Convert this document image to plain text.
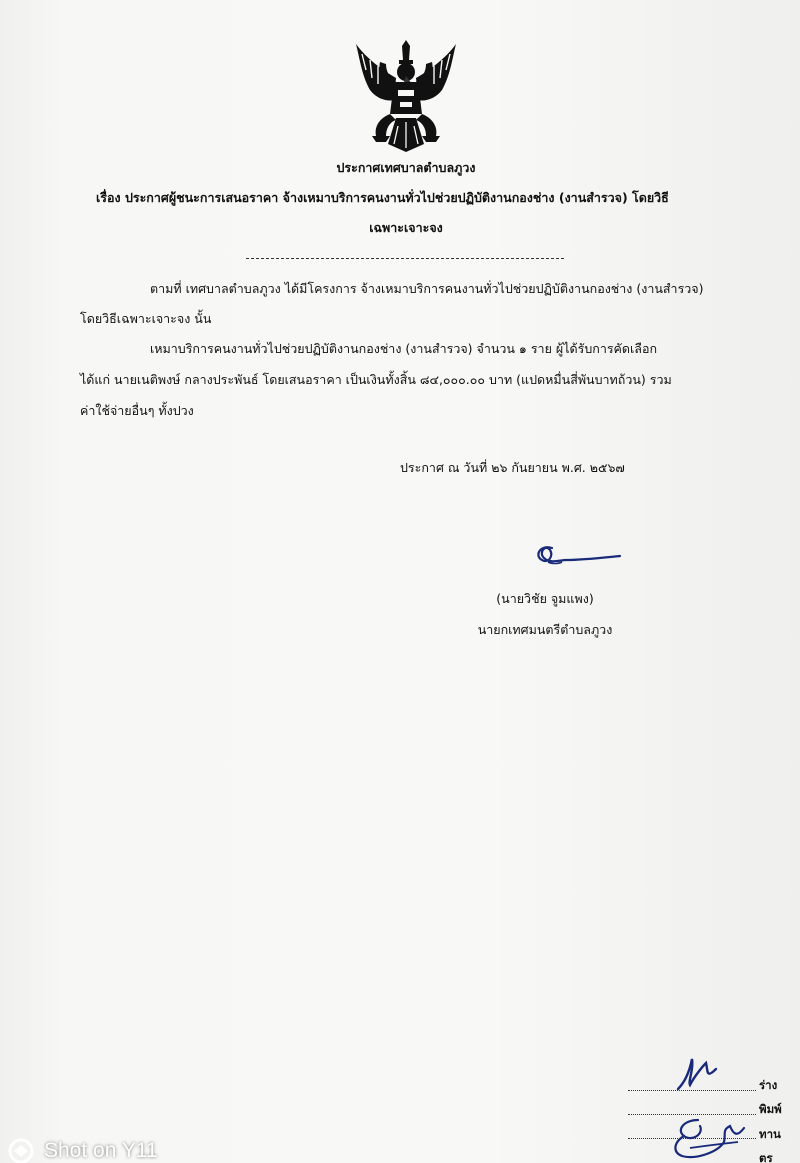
ประกาศเทศบาลตำบลภูวง
เรื่อง ประกาศผู้ชนะการเสนอราคา จ้างเหมาบริการคนงานทั่วไปช่วยปฏิบัติงานกองช่าง (งานสำรวจ) โดยวิธี
เฉพาะเจาะจง
ตามที่ เทศบาลตำบลภูวง ได้มีโครงการ จ้างเหมาบริการคนงานทั่วไปช่วยปฏิบัติงานกองช่าง (งานสำรวจ)
โดยวิธีเฉพาะเจาะจง นั้น
เหมาบริการคนงานทั่วไปช่วยปฏิบัติงานกองช่าง (งานสำรวจ) จำนวน ๑ ราย ผู้ได้รับการคัดเลือก
ได้แก่ นายเนติพงษ์ กลางประพันธ์ โดยเสนอราคา เป็นเงินทั้งสิ้น ๘๔,๐๐๐.๐๐ บาท (แปดหมื่นสี่พันบาทถ้วน) รวม
ค่าใช้จ่ายอื่นๆ ทั้งปวง
ประกาศ ณ วันที่ ๒๖ กันยายน พ.ศ. ๒๕๖๗
(นายวิชัย จูมแพง)
นายกเทศมนตรีตำบลภูวง
ร่าง
พิมพ์
ทาน
ตร
Shot on Y11
